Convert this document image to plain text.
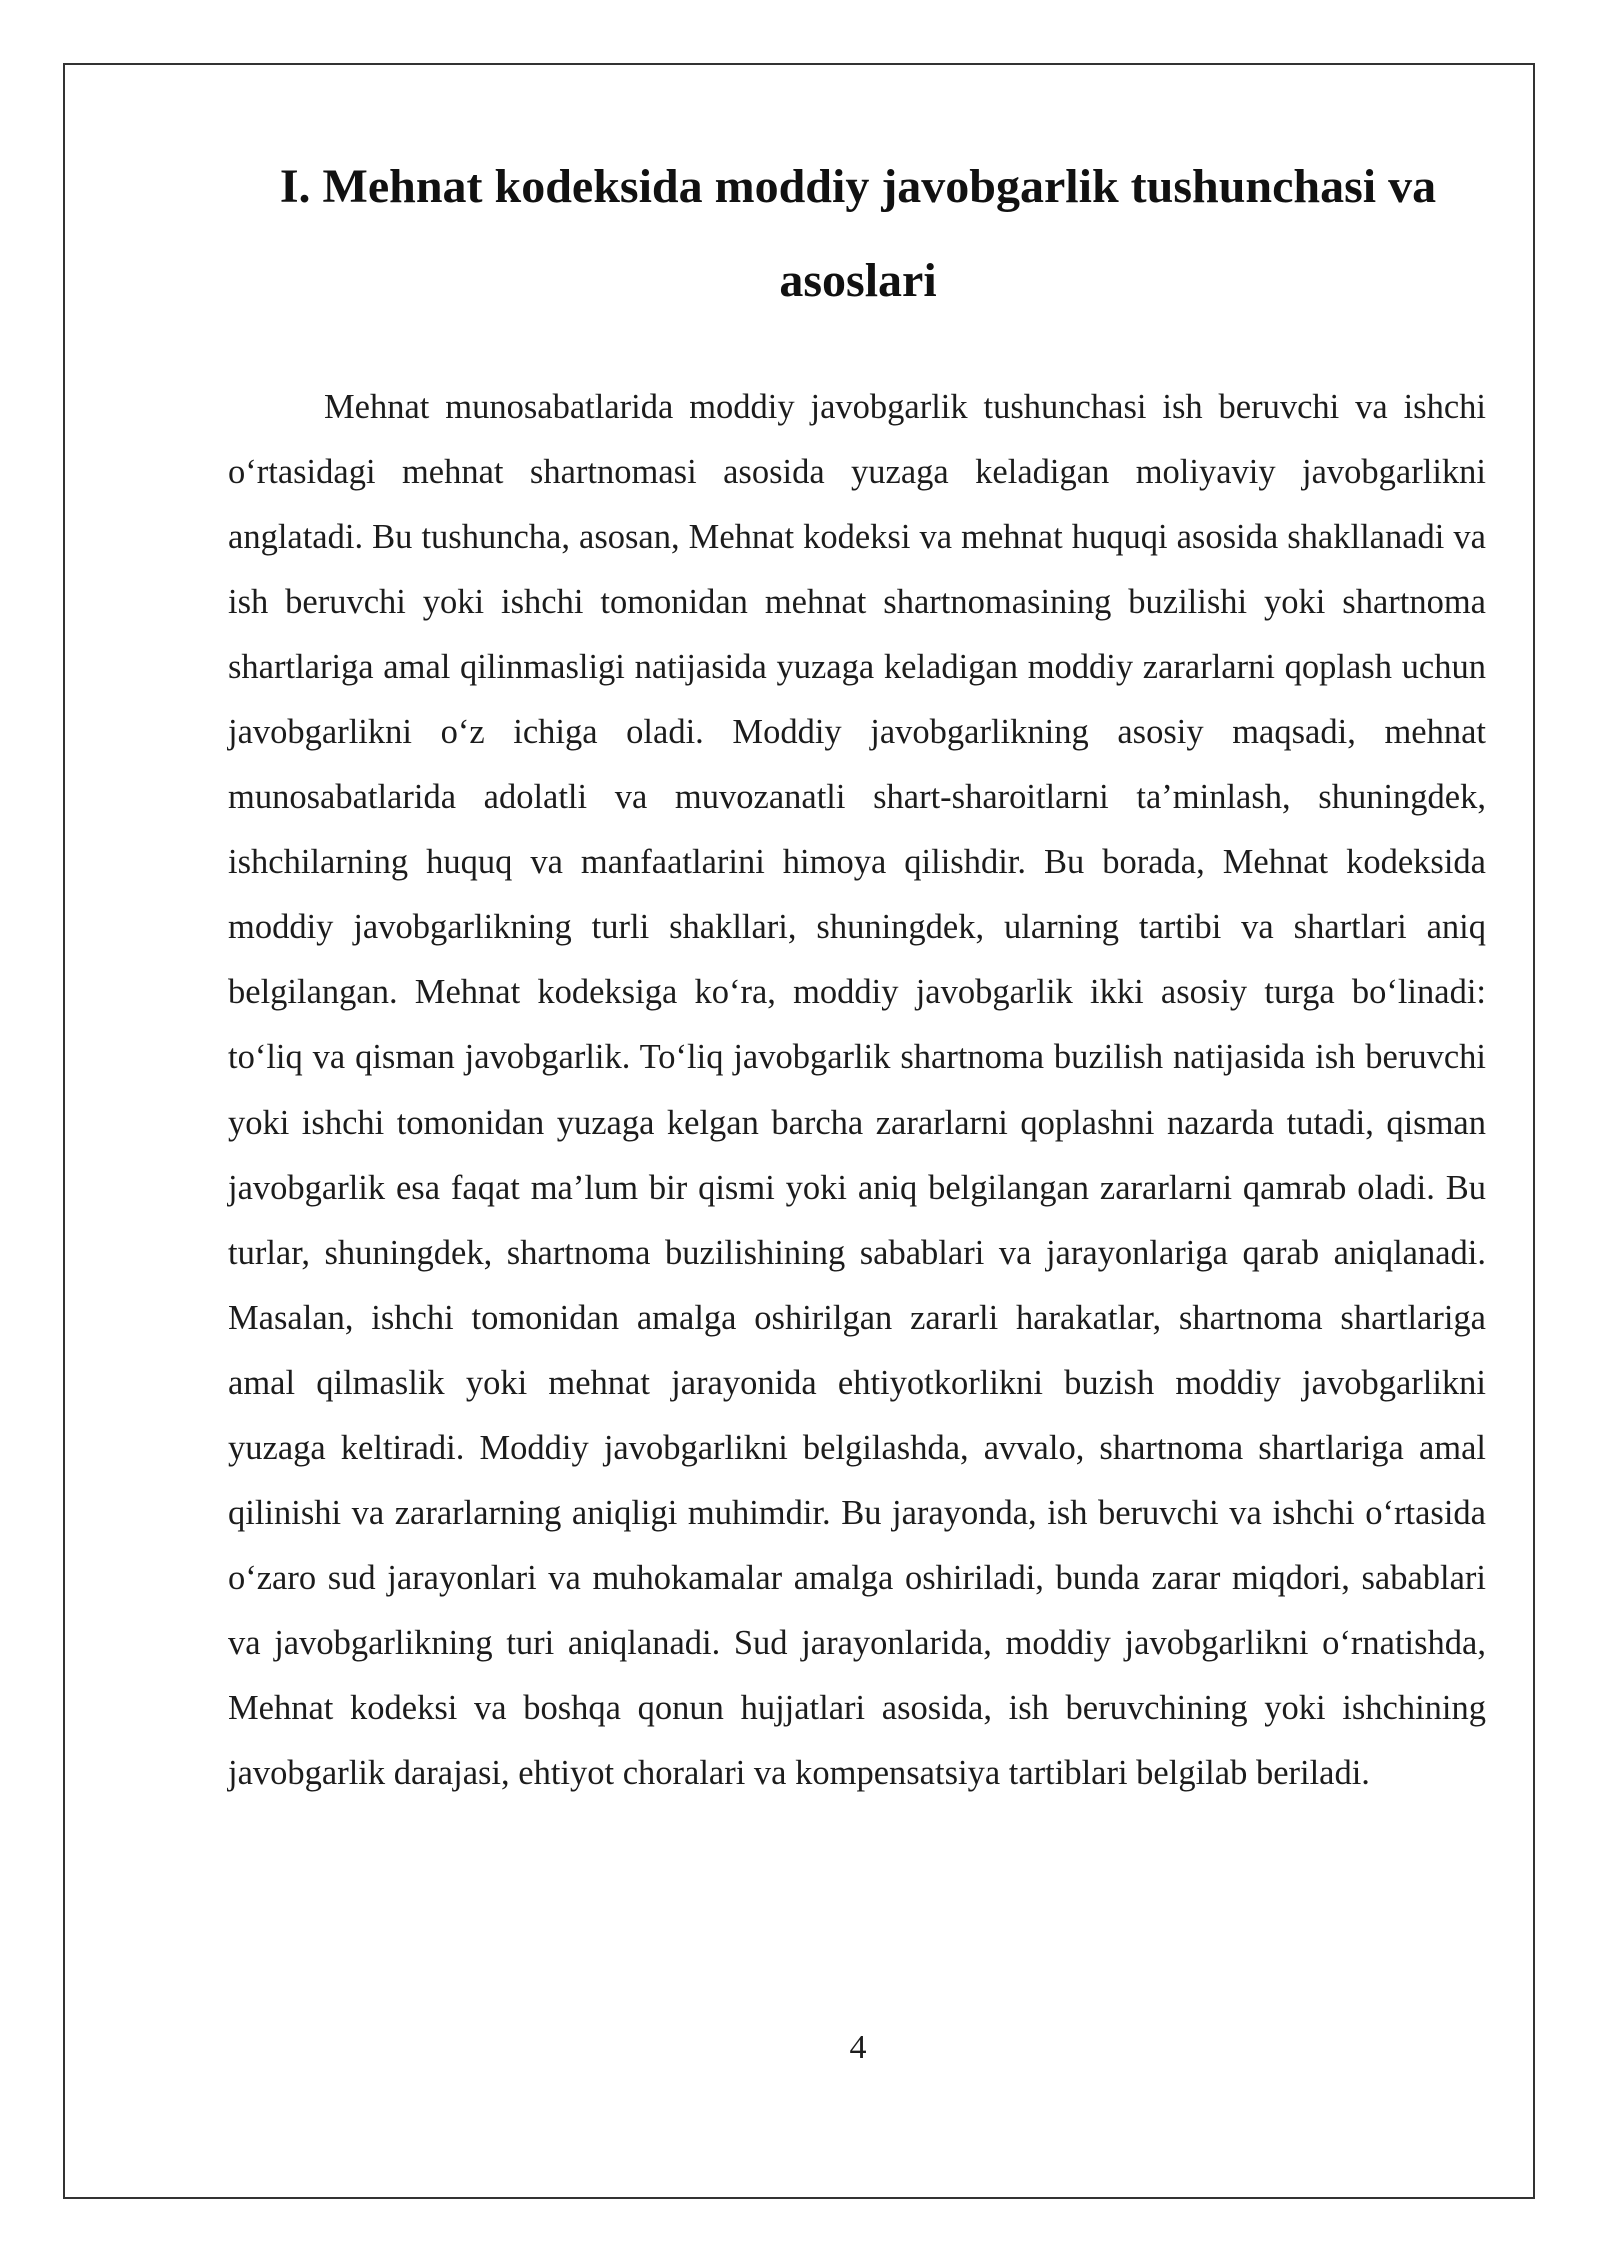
I. Mehnat kodeksida moddiy javobgarlik tushunchasi va asoslari

Mehnat munosabatlarida moddiy javobgarlik tushunchasi ish beruvchi va ishchi o‘rtasidagi mehnat shartnomasi asosida yuzaga keladigan moliyaviy javobgarlikni anglatadi. Bu tushuncha, asosan, Mehnat kodeksi va mehnat huquqi asosida shakllanadi va ish beruvchi yoki ishchi tomonidan mehnat shartnomasining buzilishi yoki shartnoma shartlariga amal qilinmasligi natijasida yuzaga keladigan moddiy zararlarni qoplash uchun javobgarlikni o‘z ichiga oladi. Moddiy javobgarlikning asosiy maqsadi, mehnat munosabatlarida adolatli va muvozanatli shart-sharoitlarni ta’minlash, shuningdek, ishchilarning huquq va manfaatlarini himoya qilishdir. Bu borada, Mehnat kodeksida moddiy javobgarlikning turli shakllari, shuningdek, ularning tartibi va shartlari aniq belgilangan. Mehnat kodeksiga ko‘ra, moddiy javobgarlik ikki asosiy turga bo‘linadi: to‘liq va qisman javobgarlik. To‘liq javobgarlik shartnoma buzilish natijasida ish beruvchi yoki ishchi tomonidan yuzaga kelgan barcha zararlarni qoplashni nazarda tutadi, qisman javobgarlik esa faqat ma’lum bir qismi yoki aniq belgilangan zararlarni qamrab oladi. Bu turlar, shuningdek, shartnoma buzilishining sabablari va jarayonlariga qarab aniqlanadi. Masalan, ishchi tomonidan amalga oshirilgan zararli harakatlar, shartnoma shartlariga amal qilmaslik yoki mehnat jarayonida ehtiyotkorlikni buzish moddiy javobgarlikni yuzaga keltiradi. Moddiy javobgarlikni belgilashda, avvalo, shartnoma shartlariga amal qilinishi va zararlarning aniqligi muhimdir. Bu jarayonda, ish beruvchi va ishchi o‘rtasida o‘zaro sud jarayonlari va muhokamalar amalga oshiriladi, bunda zarar miqdori, sabablari va javobgarlikning turi aniqlanadi. Sud jarayonlarida, moddiy javobgarlikni o‘rnatishda, Mehnat kodeksi va boshqa qonun hujjatlari asosida, ish beruvchining yoki ishchining javobgarlik darajasi, ehtiyot choralari va kompensatsiya tartiblari belgilab beriladi.

4
